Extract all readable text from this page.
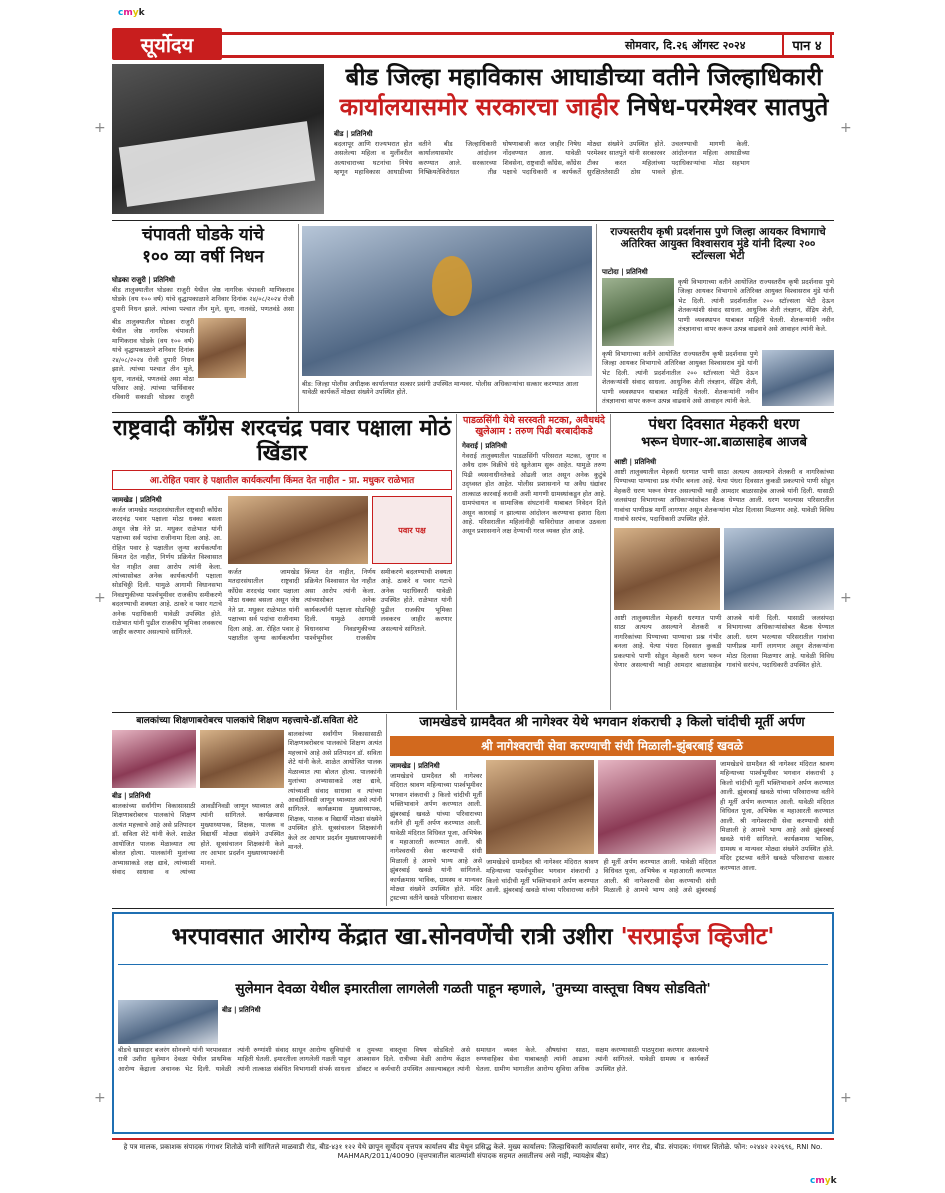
cmyk
cmyk
+	+
+	+
+	+
सूर्योदय	सोमवार, दि.२६ ऑगस्ट २०२४	पान ४
बीड जिल्हा महाविकास आघाडीच्या वतीने जिल्हाधिकारी
कार्यालयासमोर सरकारचा जाहीर निषेध-परमेश्वर सातपुते
बीड | प्रतिनिधी
बदलापूर आणि राज्यभरात होत असलेल्या महिला व मुलींवरील अत्याचाराच्या घटनांचा निषेध म्हणून महाविकास आघाडीच्या वतीने बीड जिल्हाधिकारी कार्यालयासमोर आंदोलन करण्यात आले. सरकारच्या निष्क्रियतेविरोधात तीव्र घोषणाबाजी करत जाहीर निषेध नोंदवण्यात आला. यावेळी शिवसेना, राष्ट्रवादी काँग्रेस, काँग्रेस पक्षाचे पदाधिकारी व कार्यकर्ते मोठ्या संख्येने उपस्थित होते. परमेश्वर सातपुते यांनी सरकारवर टीका करत महिलांच्या सुरक्षिततेसाठी ठोस पावले उचलण्याची मागणी केली. आंदोलनात महिला आघाडीच्या पदाधिकाऱ्यांचा मोठा सहभाग होता.
चंपावती घोडके यांचे
१०० व्या वर्षी निधन
घोडका राजुरी | प्रतिनिधी
बीड तालुक्यातील घोडका राजुरी येथील जेष्ठ नागरिक चंपावती माणिकराव घोडके (वय १०० वर्ष) यांचे वृद्धापकाळाने शनिवार दिनांक २४/०८/२०२४ रोजी दुपारी निधन झाले. त्यांच्या पश्चात तीन मुले, सुना, नातवंडे, पणतवंडे असा
बीड तालुक्यातील घोडका राजुरी येथील जेष्ठ नागरिक चंपावती माणिकराव घोडके (वय १०० वर्ष) यांचे वृद्धापकाळाने शनिवार दिनांक २४/०८/२०२४ रोजी दुपारी निधन झाले. त्यांच्या पश्चात तीन मुले, सुना, नातवंडे, पणतवंडे असा मोठा परिवार आहे. त्यांच्या पार्थिवावर रविवारी सकाळी घोडका राजुरी
बीड: जिल्हा पोलीस अधीक्षक कार्यालयात सत्कार प्रसंगी उपस्थित मान्यवर. पोलीस अधिकाऱ्यांचा सत्कार करण्यात आला यावेळी कार्यकर्ते मोठ्या संख्येने उपस्थित होते.
राज्यस्तरीय कृषी प्रदर्शनास पुणे जिल्हा आयकर विभागाचे अतिरिक्त आयुक्त विश्वासराव मुंडे यांनी दिल्या २०० स्टॉल्सला भेटी
पाटोदा | प्रतिनिधी
कृषी विभागाच्या वतीने आयोजित राज्यस्तरीय कृषी प्रदर्शनास पुणे जिल्हा आयकर विभागाचे अतिरिक्त आयुक्त विश्वासराव मुंडे यांनी भेट दिली. त्यांनी प्रदर्शनातील २०० स्टॉल्सला भेटी देऊन शेतकऱ्यांशी संवाद साधला. आधुनिक शेती तंत्रज्ञान, सेंद्रिय शेती, पाणी व्यवस्थापन याबाबत माहिती घेतली. शेतकऱ्यांनी नवीन तंत्रज्ञानाचा वापर करून उत्पन्न वाढवावे असे आवाहन त्यांनी केले.
कृषी विभागाच्या वतीने आयोजित राज्यस्तरीय कृषी प्रदर्शनास पुणे जिल्हा आयकर विभागाचे अतिरिक्त आयुक्त विश्वासराव मुंडे यांनी भेट दिली. त्यांनी प्रदर्शनातील २०० स्टॉल्सला भेटी देऊन शेतकऱ्यांशी संवाद साधला. आधुनिक शेती तंत्रज्ञान, सेंद्रिय शेती, पाणी व्यवस्थापन याबाबत माहिती घेतली. शेतकऱ्यांनी नवीन तंत्रज्ञानाचा वापर करून उत्पन्न वाढवावे असे आवाहन त्यांनी केले.
राष्ट्रवादी काँग्रेस शरदचंद्र पवार पक्षाला मोठं खिंडार
आ.रोहित पवार हे पक्षातील कार्यकर्त्यांना किंमत देत नाहीत - प्रा. मधुकर राळेभात
जामखेड | प्रतिनिधी
कर्जत जामखेड मतदारसंघातील राष्ट्रवादी काँग्रेस शरदचंद्र पवार पक्षाला मोठा धक्का बसला असून जेष्ठ नेते प्रा. मधुकर राळेभात यांनी पक्षाच्या सर्व पदांचा राजीनामा दिला आहे. आ. रोहित पवार हे पक्षातील जुन्या कार्यकर्त्यांना किंमत देत नाहीत, निर्णय प्रक्रियेत विश्वासात घेत नाहीत असा आरोप त्यांनी केला. त्यांच्यासोबत अनेक कार्यकर्त्यांनी पक्षाला सोडचिठ्ठी दिली. यामुळे आगामी विधानसभा निवडणुकीच्या पार्श्वभूमीवर राजकीय समीकरणे बदलण्याची शक्यता आहे. ठाकरे व पवार गटाचे अनेक पदाधिकारी यावेळी उपस्थित होते. राळेभात यांनी पुढील राजकीय भूमिका लवकरच जाहीर करणार असल्याचे सांगितले.
पवार पक्ष
कर्जत जामखेड मतदारसंघातील राष्ट्रवादी काँग्रेस शरदचंद्र पवार पक्षाला मोठा धक्का बसला असून जेष्ठ नेते प्रा. मधुकर राळेभात यांनी पक्षाच्या सर्व पदांचा राजीनामा दिला आहे. आ. रोहित पवार हे पक्षातील जुन्या कार्यकर्त्यांना किंमत देत नाहीत, निर्णय प्रक्रियेत विश्वासात घेत नाहीत असा आरोप त्यांनी केला. त्यांच्यासोबत अनेक कार्यकर्त्यांनी पक्षाला सोडचिठ्ठी दिली. यामुळे आगामी विधानसभा निवडणुकीच्या पार्श्वभूमीवर राजकीय समीकरणे बदलण्याची शक्यता आहे. ठाकरे व पवार गटाचे अनेक पदाधिकारी यावेळी उपस्थित होते. राळेभात यांनी पुढील राजकीय भूमिका लवकरच जाहीर करणार असल्याचे सांगितले.
पाडळसिंगी येथे सरस्वती मटका, अवैधधंदे खुलेआम : तरुण पिढी बरबादीकडे
गेवराई | प्रतिनिधी
गेवराई तालुक्यातील पाडळसिंगी परिसरात मटका, जुगार व अवैध दारू विक्रीचे धंदे खुलेआम सुरू आहेत. यामुळे तरुण पिढी व्यसनाधीनतेकडे ओढली जात असून अनेक कुटुंबे उद्ध्वस्त होत आहेत. पोलीस प्रशासनाने या अवैध धंद्यांवर तात्काळ कारवाई करावी अशी मागणी ग्रामस्थांकडून होत आहे. ग्रामपंचायत व सामाजिक संघटनांनी याबाबत निवेदन दिले असून कारवाई न झाल्यास आंदोलन करण्याचा इशारा दिला आहे. परिसरातील महिलांनीही याविरोधात आवाज उठवला असून प्रशासनाने लक्ष देण्याची गरज व्यक्त होत आहे.
पंधरा दिवसात मेहकरी धरण
भरून घेणार-आ.बाळासाहेब आजबे
आष्टी | प्रतिनिधी
आष्टी तालुक्यातील मेहकरी धरणात पाणी साठा अत्यल्प असल्याने शेतकरी व नागरिकांच्या पिण्याच्या पाण्याचा प्रश्न गंभीर बनला आहे. येत्या पंधरा दिवसात कुकडी प्रकल्पाचे पाणी सोडून मेहकरी धरण भरून घेणार असल्याची ग्वाही आमदार बाळासाहेब आजबे यांनी दिली. यासाठी जलसंपदा विभागाच्या अधिकाऱ्यांसोबत बैठक घेण्यात आली. धरण भरल्यास परिसरातील गावांचा पाणीप्रश्न मार्गी लागणार असून शेतकऱ्यांना मोठा दिलासा मिळणार आहे. यावेळी विविध गावांचे सरपंच, पदाधिकारी उपस्थित होते.
आष्टी तालुक्यातील मेहकरी धरणात पाणी साठा अत्यल्प असल्याने शेतकरी व नागरिकांच्या पिण्याच्या पाण्याचा प्रश्न गंभीर बनला आहे. येत्या पंधरा दिवसात कुकडी प्रकल्पाचे पाणी सोडून मेहकरी धरण भरून घेणार असल्याची ग्वाही आमदार बाळासाहेब आजबे यांनी दिली. यासाठी जलसंपदा विभागाच्या अधिकाऱ्यांसोबत बैठक घेण्यात आली. धरण भरल्यास परिसरातील गावांचा पाणीप्रश्न मार्गी लागणार असून शेतकऱ्यांना मोठा दिलासा मिळणार आहे. यावेळी विविध गावांचे सरपंच, पदाधिकारी उपस्थित होते.
बालकांच्या शिक्षणाबरोबरच पालकांचे शिक्षण महत्त्वाचे-डॉ.सविता शेटे
बीड | प्रतिनिधी
बालकांच्या सर्वांगीण विकासासाठी शिक्षणाबरोबरच पालकांचे शिक्षण अत्यंत महत्त्वाचे आहे असे प्रतिपादन डॉ. सविता शेटे यांनी केले. शाळेत आयोजित पालक मेळाव्यात त्या बोलत होत्या. पालकांनी मुलांच्या अभ्यासाकडे लक्ष द्यावे, त्यांच्याशी संवाद साधावा व त्यांच्या आवडीनिवडी जाणून घ्याव्यात असे त्यांनी सांगितले. कार्यक्रमास मुख्याध्यापक, शिक्षक, पालक व विद्यार्थी मोठ्या संख्येने उपस्थित होते. सूत्रसंचालन शिक्षकांनी केले तर आभार प्रदर्शन मुख्याध्यापकांनी मानले.
बालकांच्या सर्वांगीण विकासासाठी शिक्षणाबरोबरच पालकांचे शिक्षण अत्यंत महत्त्वाचे आहे असे प्रतिपादन डॉ. सविता शेटे यांनी केले. शाळेत आयोजित पालक मेळाव्यात त्या बोलत होत्या. पालकांनी मुलांच्या अभ्यासाकडे लक्ष द्यावे, त्यांच्याशी संवाद साधावा व त्यांच्या आवडीनिवडी जाणून घ्याव्यात असे त्यांनी सांगितले. कार्यक्रमास मुख्याध्यापक, शिक्षक, पालक व विद्यार्थी मोठ्या संख्येने उपस्थित होते. सूत्रसंचालन शिक्षकांनी केले तर आभार प्रदर्शन मुख्याध्यापकांनी मानले.
जामखेडचे ग्रामदैवत श्री नागेश्वर येथे भगवान शंकराची ३ किलो चांदीची मूर्ती अर्पण
श्री नागेश्वराची सेवा करण्याची संधी मिळाली-झुंबरबाई खवळे
जामखेड | प्रतिनिधी
जामखेडचे ग्रामदैवत श्री नागेश्वर मंदिरात श्रावण महिन्याच्या पार्श्वभूमीवर भगवान शंकराची ३ किलो चांदीची मूर्ती भक्तिभावाने अर्पण करण्यात आली. झुंबरबाई खवळे यांच्या परिवाराच्या वतीने ही मूर्ती अर्पण करण्यात आली. यावेळी मंदिरात विधिवत पूजा, अभिषेक व महाआरती करण्यात आली. श्री नागेश्वराची सेवा करण्याची संधी मिळाली हे आमचे भाग्य आहे असे झुंबरबाई खवळे यांनी सांगितले. कार्यक्रमास भाविक, ग्रामस्थ व मान्यवर मोठ्या संख्येने उपस्थित होते. मंदिर ट्रस्टच्या वतीने खवळे परिवाराचा सत्कार
जामखेडचे ग्रामदैवत श्री नागेश्वर मंदिरात श्रावण महिन्याच्या पार्श्वभूमीवर भगवान शंकराची ३ किलो चांदीची मूर्ती भक्तिभावाने अर्पण करण्यात आली. झुंबरबाई खवळे यांच्या परिवाराच्या वतीने ही मूर्ती अर्पण करण्यात आली. यावेळी मंदिरात विधिवत पूजा, अभिषेक व महाआरती करण्यात आली. श्री नागेश्वराची सेवा करण्याची संधी मिळाली हे आमचे भाग्य आहे असे झुंबरबाई
जामखेडचे ग्रामदैवत श्री नागेश्वर मंदिरात श्रावण महिन्याच्या पार्श्वभूमीवर भगवान शंकराची ३ किलो चांदीची मूर्ती भक्तिभावाने अर्पण करण्यात आली. झुंबरबाई खवळे यांच्या परिवाराच्या वतीने ही मूर्ती अर्पण करण्यात आली. यावेळी मंदिरात विधिवत पूजा, अभिषेक व महाआरती करण्यात आली. श्री नागेश्वराची सेवा करण्याची संधी मिळाली हे आमचे भाग्य आहे असे झुंबरबाई खवळे यांनी सांगितले. कार्यक्रमास भाविक, ग्रामस्थ व मान्यवर मोठ्या संख्येने उपस्थित होते. मंदिर ट्रस्टच्या वतीने खवळे परिवाराचा सत्कार करण्यात आला.
भरपावसात आरोग्य केंद्रात खा.सोनवणेंची रात्री उशीरा 'सरप्राईज व्हिजीट'
सुलेमान देवळा येथील इमारतीला लागलेली गळती पाहून म्हणाले, 'तुमच्या वास्तूचा विषय सोडवितो'
बीड | प्रतिनिधी
बीडचे खासदार बजरंग सोनवणे यांनी भरपावसात रात्री उशीरा सुलेमान देवळा येथील प्राथमिक आरोग्य केंद्राला अचानक भेट दिली. यावेळी त्यांनी रुग्णांशी संवाद साधून आरोग्य सुविधांची माहिती घेतली. इमारतीला लागलेली गळती पाहून त्यांनी तात्काळ संबंधित विभागाशी संपर्क साधला व तुमच्या वास्तूचा विषय सोडवितो असे आश्वासन दिले. रात्रीच्या वेळी आरोग्य केंद्रात डॉक्टर व कर्मचारी उपस्थित असल्याबद्दल त्यांनी समाधान व्यक्त केले. औषधांचा साठा, रुग्णवाहिका सेवा याबाबतही त्यांनी आढावा घेतला. ग्रामीण भागातील आरोग्य सुविधा अधिक सक्षम करण्यासाठी पाठपुरावा करणार असल्याचे त्यांनी सांगितले. यावेळी ग्रामस्थ व कार्यकर्ते उपस्थित होते.
हे पत्र मालक, प्रकाशक संपादक गंगाधर शितोळे यांनी सांगितले माळवाडी रोड, बीड-४३१ १२२ येथे छापून सूर्योदय वृत्तपत्र कार्यालय बीड येथून प्रसिद्ध केले. मुख्य कार्यालय: जिल्हाधिकारी कार्यालया समोर, नगर रोड, बीड. संपादक: गंगाधर शितोळे. फोन: ०२४४२ २२२६९६, RNI No. MAHMAR/2011/40090 (वृत्तपत्रातील बातम्यांशी संपादक सहमत असतीलच असे नाही, न्यायक्षेत्र बीड)
